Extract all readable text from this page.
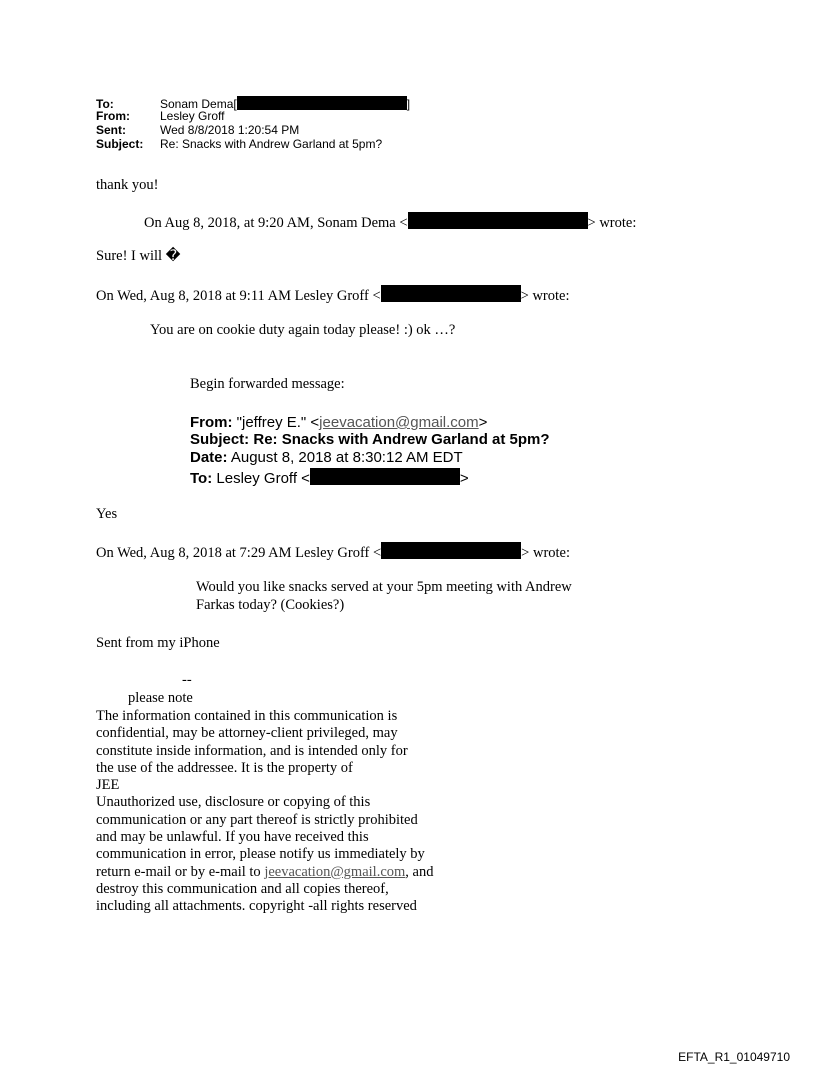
To:	Sonam Dema[	]
From:	Lesley Groff
Sent:	Wed 8/8/2018 1:20:54 PM
Subject: Re: Snacks with Andrew Garland at 5pm?
thank you!
On Aug 8, 2018, at 9:20 AM, Sonam Dema <	> wrote:
Sure! I will �
On Wed, Aug 8, 2018 at 9:11 AM Lesley Groff <	> wrote:
You are on cookie duty again today please! :) ok …?
Begin forwarded message:
From: "jeffrey E." <jeevacation@gmail.com>
Subject: Re: Snacks with Andrew Garland at 5pm?
Date: August 8, 2018 at 8:30:12 AM EDT
To: Lesley Groff <	>
Yes
On Wed, Aug 8, 2018 at 7:29 AM Lesley Groff <	> wrote:
Would you like snacks served at your 5pm meeting with Andrew
Farkas today? (Cookies?)
Sent from my iPhone
--
please note
The information contained in this communication is
confidential, may be attorney-client privileged, may
constitute inside information, and is intended only for
the use of the addressee. It is the property of
JEE
Unauthorized use, disclosure or copying of this
communication or any part thereof is strictly prohibited
and may be unlawful. If you have received this
communication in error, please notify us immediately by
return e-mail or by e-mail to jeevacation@gmail.com, and
destroy this communication and all copies thereof,
including all attachments. copyright -all rights reserved
EFTA_R1_01049710
